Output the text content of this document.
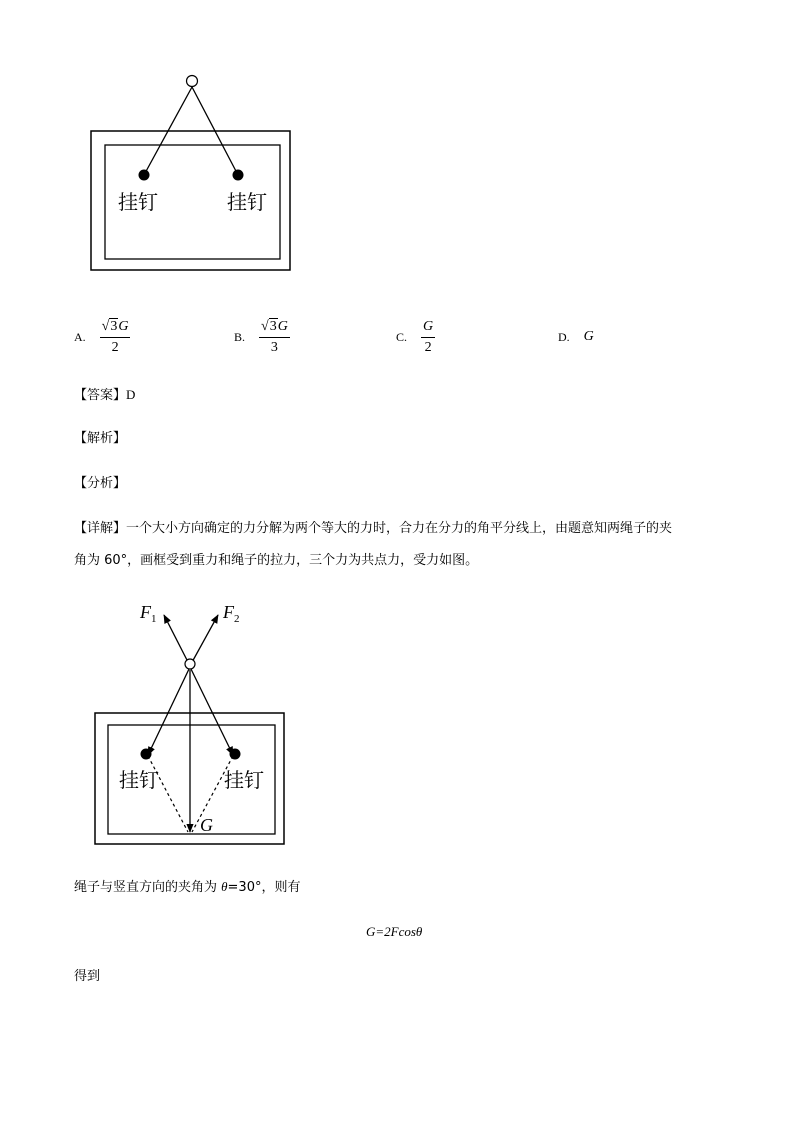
挂钉	挂钉
A. $\frac{√ 3 G}{2}$	B. $\frac{√ 3 G}{3}$	C. $\frac{G}{2}$	D. G
【答案】D
【解析】
【分析】
【详解】一个大小方向确定的力分解为两个等大的力时，合力在分力的角平分线上，由题意知两绳子的夹
角为 60°，画框受到重力和绳子的拉力，三个力为共点力，受力如图。
$F_1$	$F_2$
挂钉	挂钉
G
绳子与竖直方向的夹角为 θ=30°，则有
G=2Fcosθ
得到
